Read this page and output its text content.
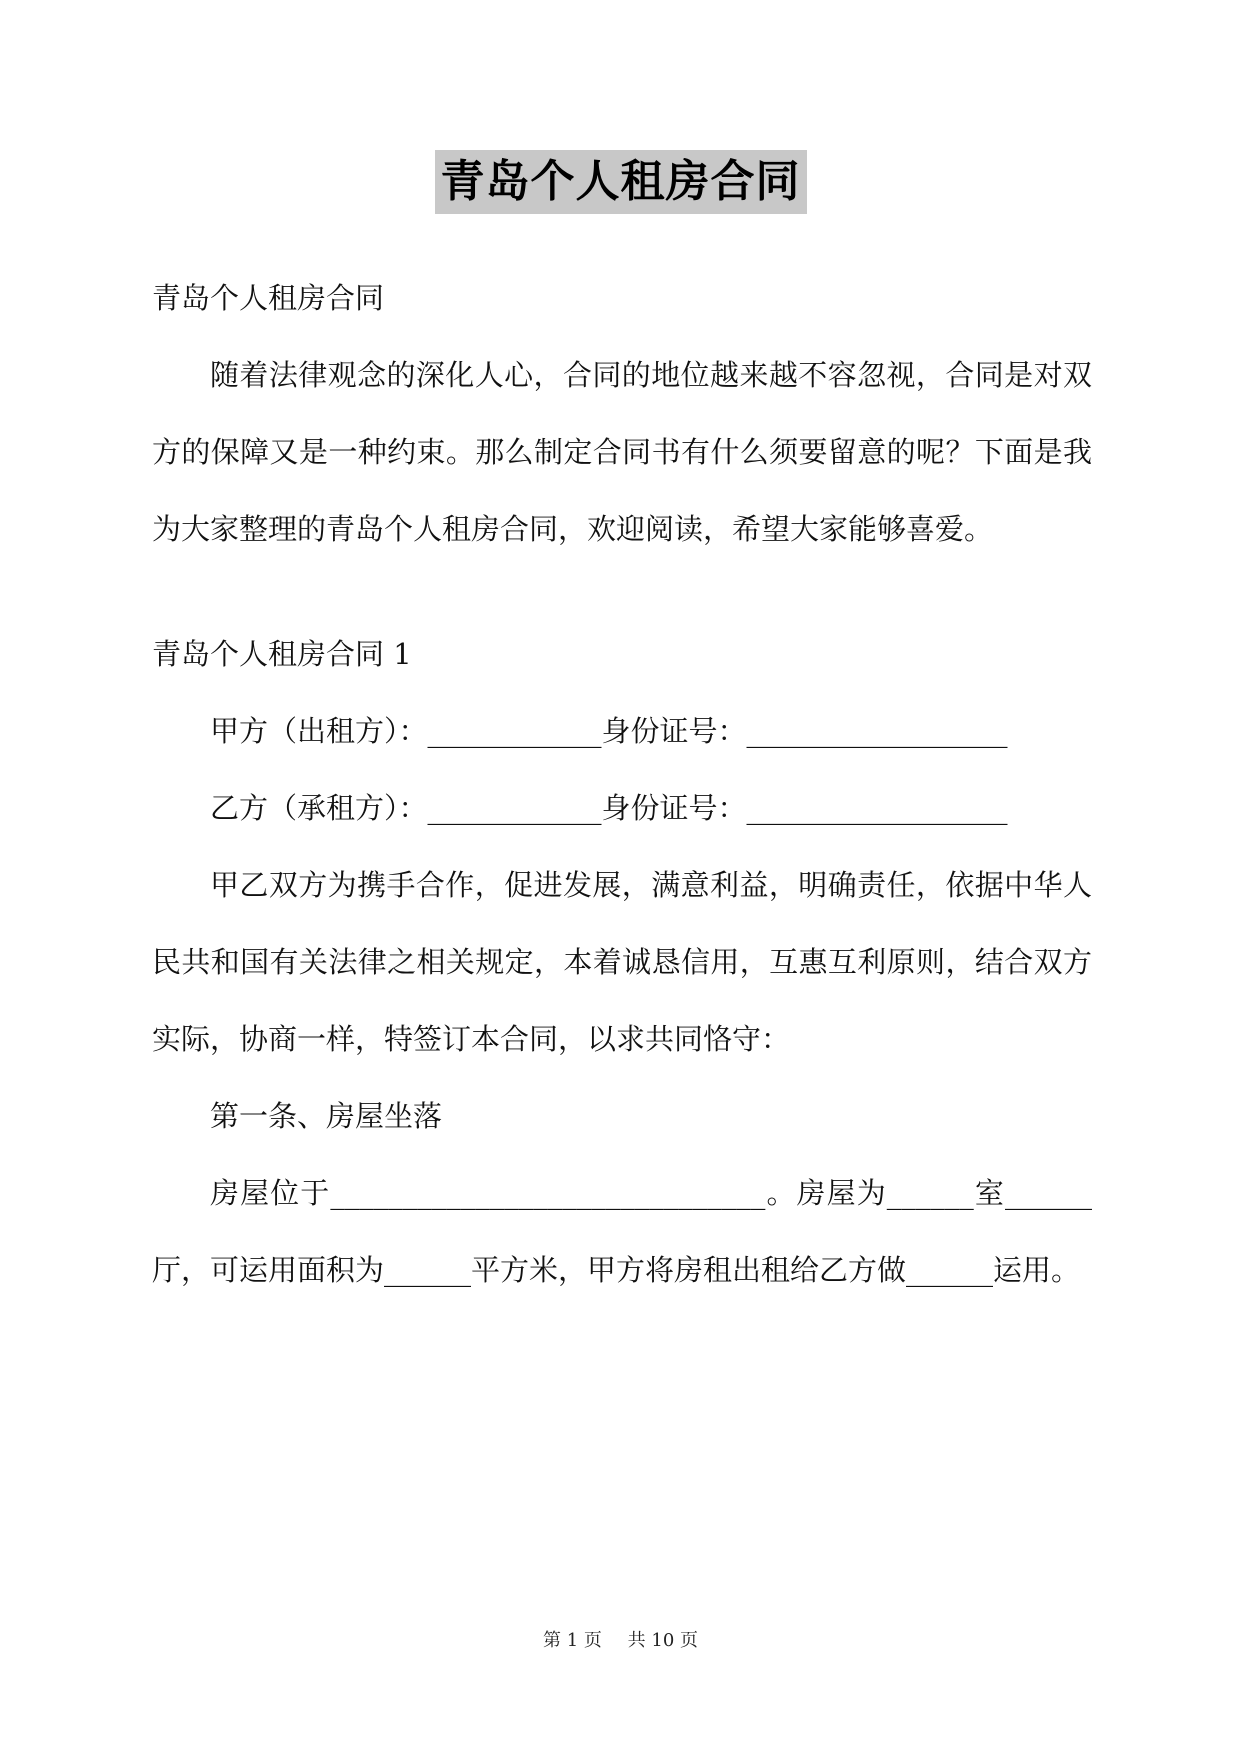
青岛个人租房合同

青岛个人租房合同

随着法律观念的深化人心，合同的地位越来越不容忽视，合同是对双方的保障又是一种约束。那么制定合同书有什么须要留意的呢？下面是我为大家整理的青岛个人租房合同，欢迎阅读，希望大家能够喜爱。

青岛个人租房合同 1

甲方（出租方）：____________身份证号：__________________

乙方（承租方）：____________身份证号：__________________

甲乙双方为携手合作，促进发展，满意利益，明确责任，依据中华人民共和国有关法律之相关规定，本着诚恳信用，互惠互利原则，结合双方实际，协商一样，特签订本合同，以求共同恪守：

第一条、房屋坐落

房屋位于______________________________。房屋为______室______厅，可运用面积为______平方米，甲方将房租出租给乙方做______运用。

第 1 页 共 10 页
